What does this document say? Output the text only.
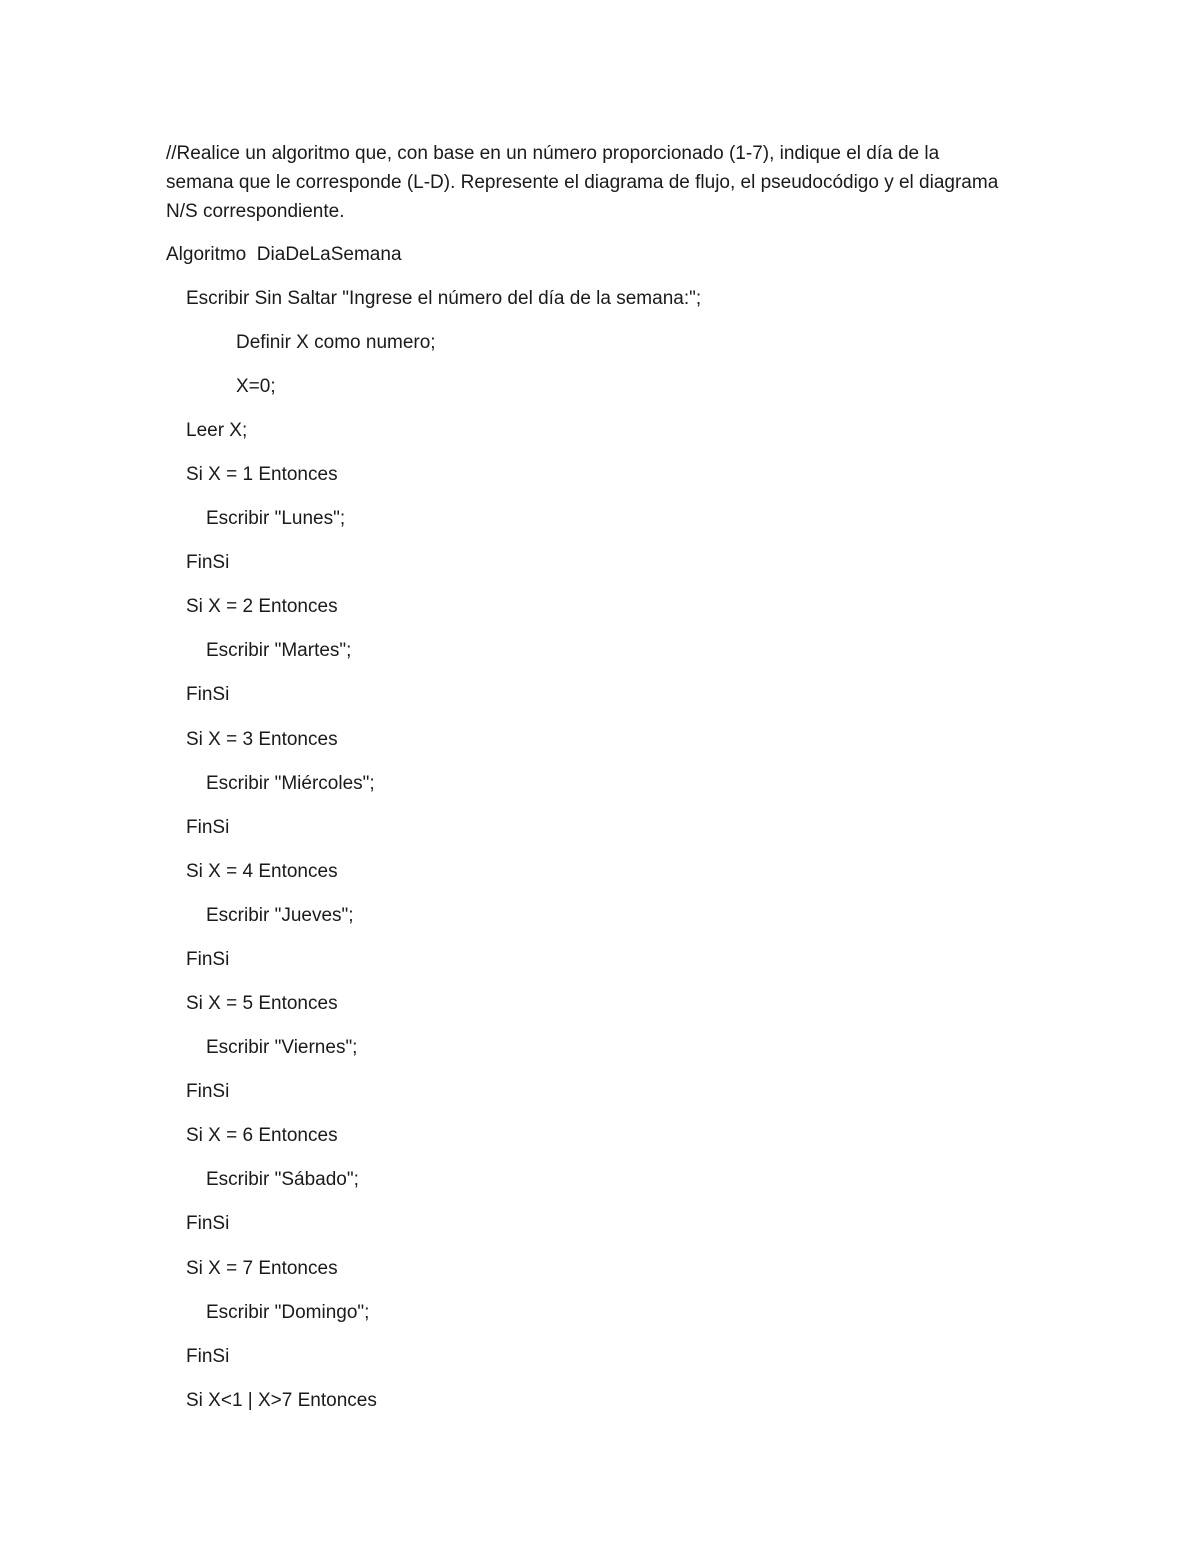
//Realice un algoritmo que, con base en un número proporcionado (1-7), indique el día de la
semana que le corresponde (L-D). Represente el diagrama de flujo, el pseudocódigo y el diagrama
N/S correspondiente.
Algoritmo  DiaDeLaSemana
Escribir Sin Saltar "Ingrese el número del día de la semana:";
Definir X como numero;
X=0;
Leer X;
Si X = 1 Entonces
Escribir "Lunes";
FinSi
Si X = 2 Entonces
Escribir "Martes";
FinSi
Si X = 3 Entonces
Escribir "Miércoles";
FinSi
Si X = 4 Entonces
Escribir "Jueves";
FinSi
Si X = 5 Entonces
Escribir "Viernes";
FinSi
Si X = 6 Entonces
Escribir "Sábado";
FinSi
Si X = 7 Entonces
Escribir "Domingo";
FinSi
Si X<1 | X>7 Entonces
